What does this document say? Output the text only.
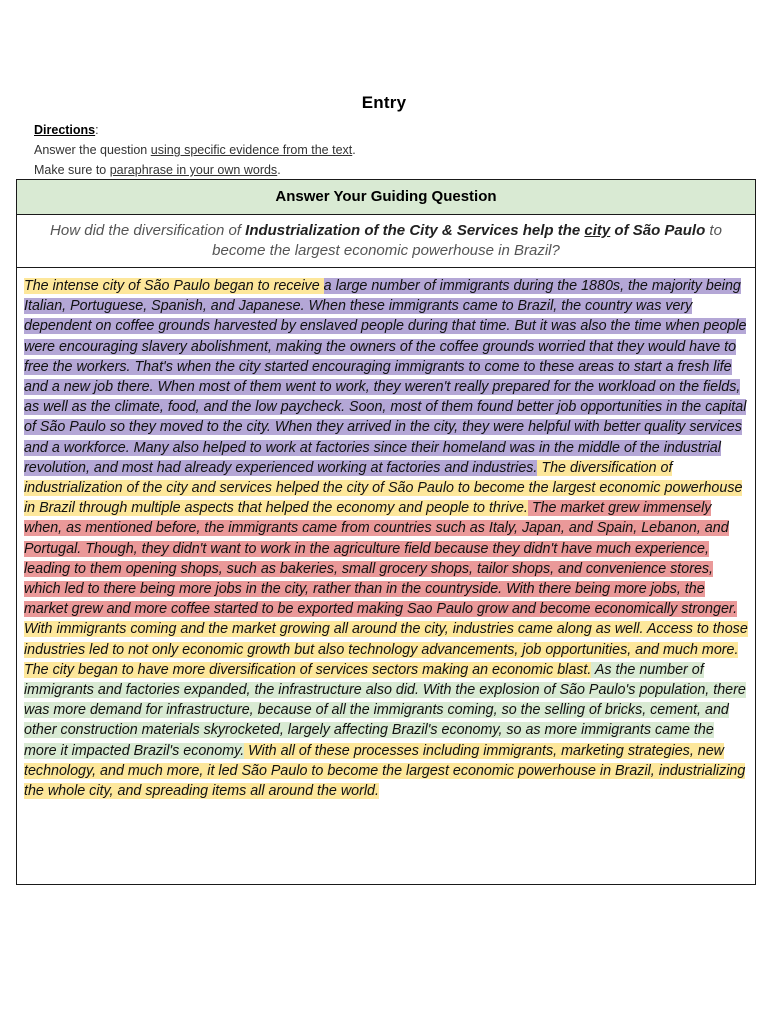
Entry
Directions:
Answer the question using specific evidence from the text.
Make sure to paraphrase in your own words.
Answer Your Guiding Question
How did the diversification of Industrialization of the City & Services help the city of São Paulo to become the largest economic powerhouse in Brazil?
The intense city of São Paulo began to receive a large number of immigrants during the 1880s, the majority being Italian, Portuguese, Spanish, and Japanese. When these immigrants came to Brazil, the country was very dependent on coffee grounds harvested by enslaved people during that time. But it was also the time when people were encouraging slavery abolishment, making the owners of the coffee grounds worried that they would have to free the workers. That's when the city started encouraging immigrants to come to these areas to start a fresh life and a new job there. When most of them went to work, they weren't really prepared for the workload on the fields, as well as the climate, food, and the low paycheck. Soon, most of them found better job opportunities in the capital of São Paulo so they moved to the city. When they arrived in the city, they were helpful with better quality services and a workforce. Many also helped to work at factories since their homeland was in the middle of the industrial revolution, and most had already experienced working at factories and industries. The diversification of industrialization of the city and services helped the city of São Paulo to become the largest economic powerhouse in Brazil through multiple aspects that helped the economy and people to thrive. The market grew immensely when, as mentioned before, the immigrants came from countries such as Italy, Japan, and Spain, Lebanon, and Portugal. Though, they didn't want to work in the agriculture field because they didn't have much experience, leading to them opening shops, such as bakeries, small grocery shops, tailor shops, and convenience stores, which led to there being more jobs in the city, rather than in the countryside. With there being more jobs, the market grew and more coffee started to be exported making Sao Paulo grow and become economically stronger. With immigrants coming and the market growing all around the city, industries came along as well. Access to those industries led to not only economic growth but also technology advancements, job opportunities, and much more. The city began to have more diversification of services sectors making an economic blast. As the number of immigrants and factories expanded, the infrastructure also did. With the explosion of São Paulo's population, there was more demand for infrastructure, because of all the immigrants coming, so the selling of bricks, cement, and other construction materials skyrocketed, largely affecting Brazil's economy, so as more immigrants came the more it impacted Brazil's economy. With all of these processes including immigrants, marketing strategies, new technology, and much more, it led São Paulo to become the largest economic powerhouse in Brazil, industrializing the whole city, and spreading items all around the world.
